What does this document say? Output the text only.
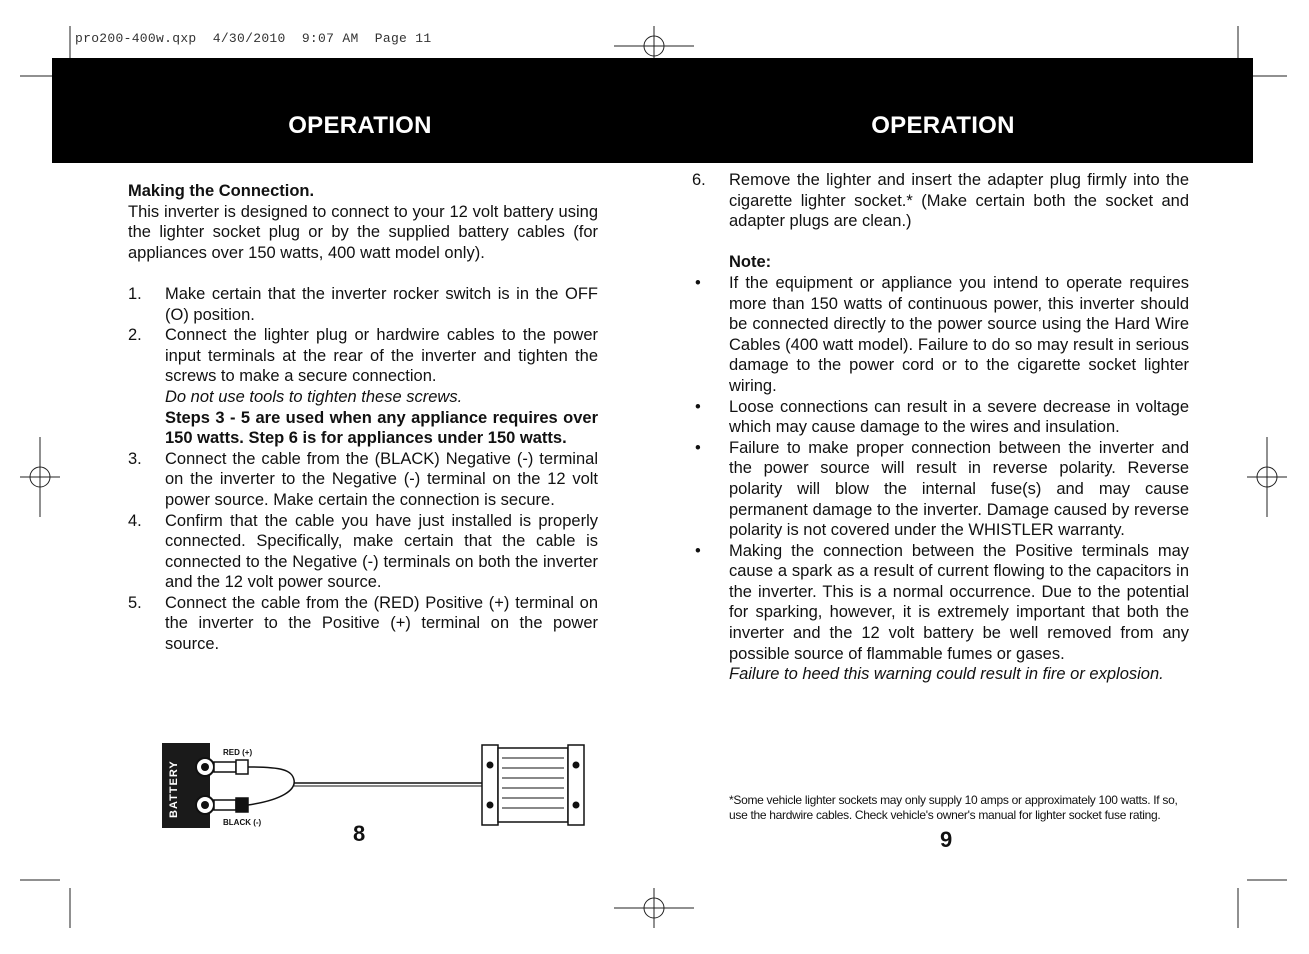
pro200-400w.qxp  4/30/2010  9:07 AM  Page 11
OPERATION	OPERATION
Making the Connection.
This inverter is designed to connect to your 12 volt battery using the lighter socket plug or by the supplied battery cables (for appliances over 150 watts, 400 watt model only).
1. Make certain that the inverter rocker switch is in the OFF (O) position.
2. Connect the lighter plug or hardwire cables to the power input terminals at the rear of the inverter and tighten the screws to make a secure connection.
Do not use tools to tighten these screws.
Steps 3 - 5 are used when any appliance requires over 150 watts. Step 6 is for appliances under 150 watts.
3. Connect the cable from the (BLACK) Negative (-) terminal on the inverter to the Negative (-) terminal on the 12 volt power source. Make certain the connection is secure.
4. Confirm that the cable you have just installed is properly connected. Specifically, make certain that the cable is connected to the Negative (-) terminals on both the inverter and the 12 volt power source.
5. Connect the cable from the (RED) Positive (+) terminal on the inverter to the Positive (+) terminal on the power source.
BATTERY
RED (+)
BLACK (-)	8
6. Remove the lighter and insert the adapter plug firmly into the cigarette lighter socket.* (Make certain both the socket and adapter plugs are clean.)
Note:
• If the equipment or appliance you intend to operate requires more than 150 watts of continuous power, this inverter should be connected directly to the power source using the Hard Wire Cables (400 watt model). Failure to do so may result in serious damage to the power cord or to the cigarette socket lighter wiring.
• Loose connections can result in a severe decrease in voltage which may cause damage to the wires and insulation.
• Failure to make proper connection between the inverter and the power source will result in reverse polarity. Reverse polarity will blow the internal fuse(s) and may cause permanent damage to the inverter. Damage caused by reverse polarity is not covered under the WHISTLER warranty.
• Making the connection between the Positive terminals may cause a spark as a result of current flowing to the capacitors in the inverter. This is a normal occurrence. Due to the potential for sparking, however, it is extremely important that both the inverter and the 12 volt battery be well removed from any possible source of flammable fumes or gases.
Failure to heed this warning could result in fire or explosion.
*Some vehicle lighter sockets may only supply 10 amps or approximately 100 watts. If so, use the hardwire cables. Check vehicle's owner's manual for lighter socket fuse rating.
9
